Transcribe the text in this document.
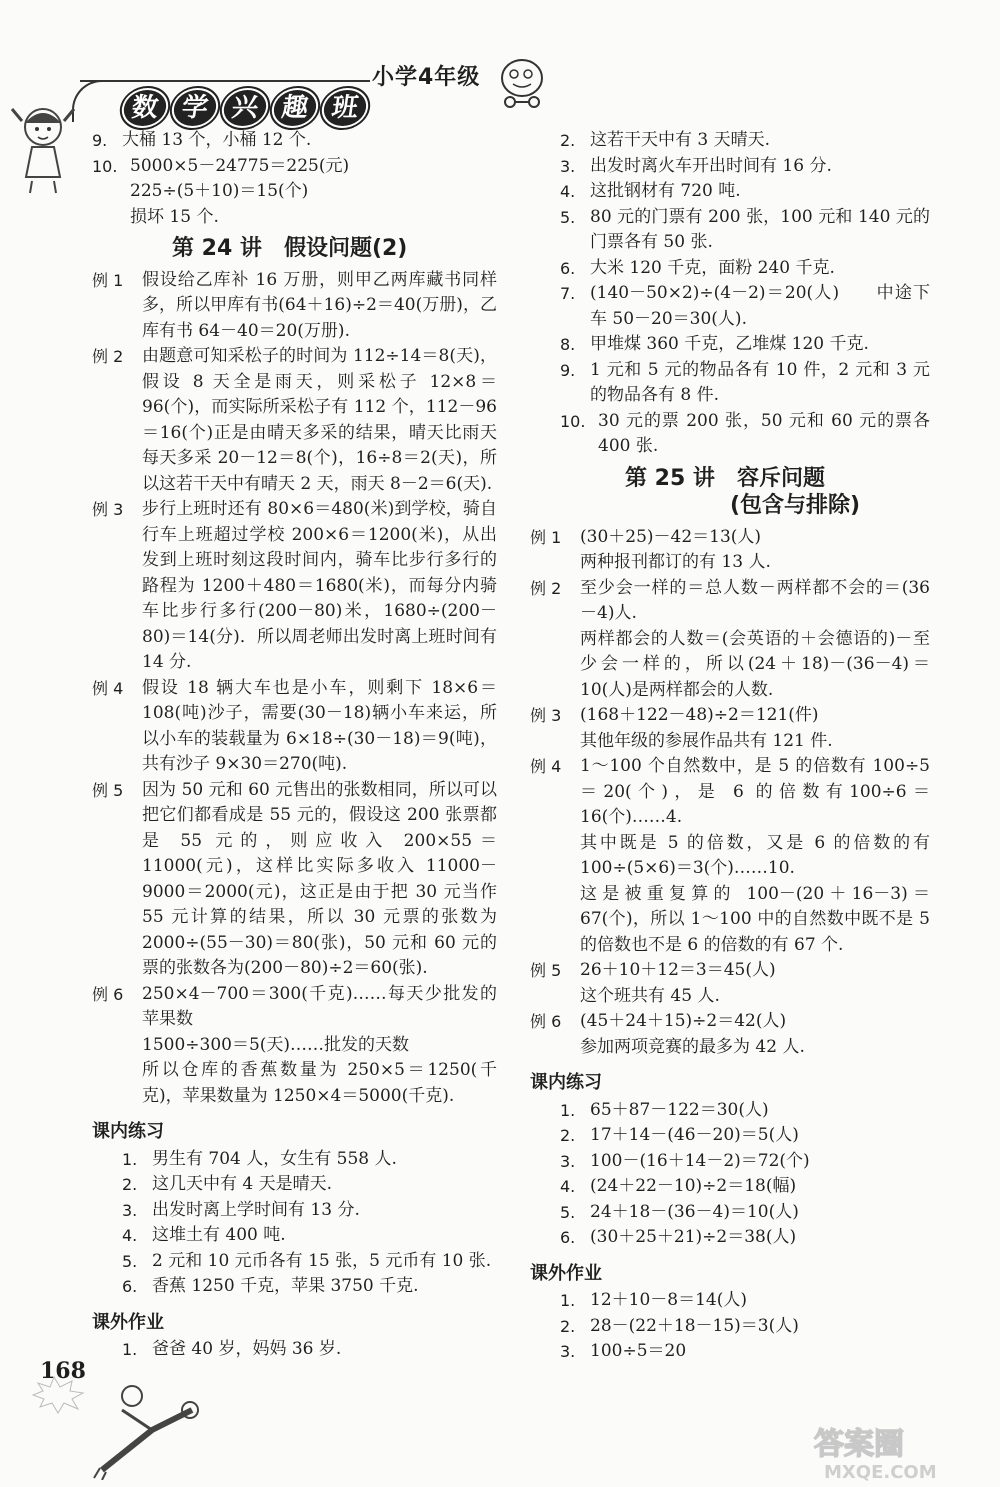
小学4年级
数 学 兴 趣 班
9. 大桶 13 个，小桶 12 个.
10. 5000×5－24775＝225(元)
225÷(5＋10)＝15(个)
损坏 15 个.
第 24 讲 假设问题(2)
例 1	假设给乙库补 16 万册，则甲乙两库藏书同样多，所以甲库有书(64＋16)÷2＝40(万册)，乙库有书 64－40＝20(万册).
例 2	由题意可知采松子的时间为 112÷14＝8(天)，假设 8 天全是雨天，则采松子 12×8＝96(个)，而实际所采松子有 112 个，112－96＝16(个)正是由晴天多采的结果，晴天比雨天每天多采 20－12＝8(个)，16÷8＝2(天)，所以这若干天中有晴天 2 天，雨天 8－2＝6(天).
例 3	步行上班时还有 80×6＝480(米)到学校，骑自行车上班超过学校 200×6＝1200(米)，从出发到上班时刻这段时间内，骑车比步行多行的路程为 1200＋480＝1680(米)，而每分内骑车比步行多行(200－80)米，1680÷(200－80)＝14(分)．所以周老师出发时离上班时间有 14 分.
例 4	假设 18 辆大车也是小车，则剩下 18×6＝108(吨)沙子，需要(30－18)辆小车来运，所以小车的装载量为 6×18÷(30－18)＝9(吨)，共有沙子 9×30＝270(吨).
例 5	因为 50 元和 60 元售出的张数相同，所以可以把它们都看成是 55 元的，假设这 200 张票都是 55 元的，则应收入 200×55＝11000(元)，这样比实际多收入 11000－9000＝2000(元)，这正是由于把 30 元当作 55 元计算的结果，所以 30 元票的张数为 2000÷(55－30)＝80(张)，50 元和 60 元的票的张数各为(200－80)÷2＝60(张).
例 6	250×4－700＝300(千克)……每天少批发的苹果数
1500÷300＝5(天)……批发的天数
所以仓库的香蕉数量为 250×5＝1250(千克)，苹果数量为 1250×4＝5000(千克).
课内练习
1. 男生有 704 人，女生有 558 人.
2. 这几天中有 4 天是晴天.
3. 出发时离上学时间有 13 分.
4. 这堆土有 400 吨.
5. 2 元和 10 元币各有 15 张，5 元币有 10 张.
6. 香蕉 1250 千克，苹果 3750 千克.
课外作业
1. 爸爸 40 岁，妈妈 36 岁.
2. 这若干天中有 3 天晴天.
3. 出发时离火车开出时间有 16 分.
4. 这批钢材有 720 吨.
5. 80 元的门票有 200 张，100 元和 140 元的门票各有 50 张.
6. 大米 120 千克，面粉 240 千克.
7. (140－50×2)÷(4－2)＝20(人)　　中途下车 50－20＝30(人).
8. 甲堆煤 360 千克，乙堆煤 120 千克.
9. 1 元和 5 元的物品各有 10 件，2 元和 3 元的物品各有 8 件.
10. 30 元的票 200 张，50 元和 60 元的票各 400 张.
第 25 讲 容斥问题
(包含与排除)
例 1	(30＋25)－42＝13(人)
两种报刊都订的有 13 人.
例 2	至少会一样的＝总人数－两样都不会的＝(36－4)人.
两样都会的人数＝(会英语的＋会德语的)－至少会一样的，所以(24＋18)－(36－4)＝10(人)是两样都会的人数.
例 3	(168＋122－48)÷2＝121(件)
其他年级的参展作品共有 121 件.
例 4	1～100 个自然数中，是 5 的倍数有 100÷5＝20(个)，是 6 的倍数有100÷6＝16(个)……4.
其中既是 5 的倍数，又是 6 的倍数的有 100÷(5×6)＝3(个)……10.
这是被重复算的 100－(20＋16－3)＝67(个)，所以 1～100 中的自然数中既不是 5 的倍数也不是 6 的倍数的有 67 个.
例 5	26＋10＋12＝3＝45(人)
这个班共有 45 人.
例 6	(45＋24＋15)÷2＝42(人)
参加两项竞赛的最多为 42 人.
课内练习
1. 65＋87－122＝30(人)
2. 17＋14－(46－20)＝5(人)
3. 100－(16＋14－2)＝72(个)
4. (24＋22－10)÷2＝18(幅)
5. 24＋18－(36－4)＝10(人)
6. (30＋25＋21)÷2＝38(人)
课外作业
1. 12＋10－8＝14(人)
2. 28－(22＋18－15)＝3(人)
3. 100÷5＝20
168
答案圈
MXQE.COM
